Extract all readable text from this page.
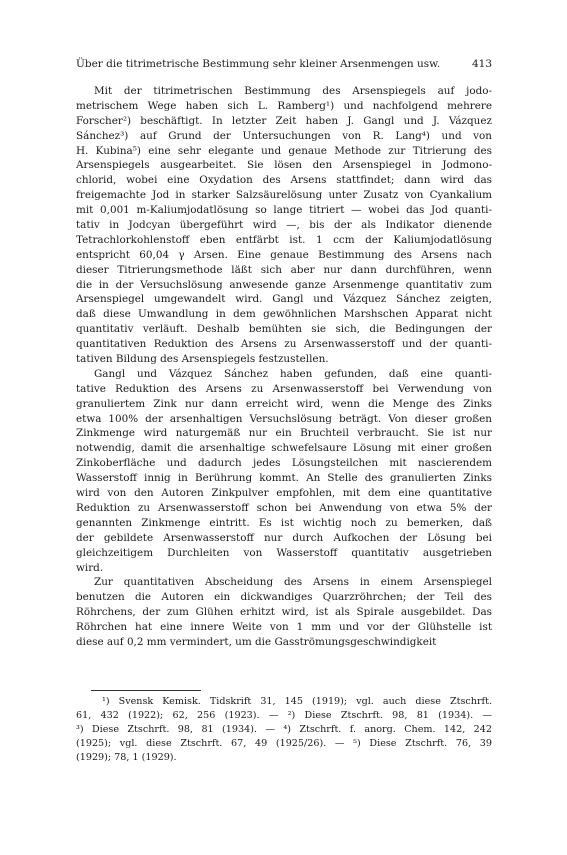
Über die titrimetrische Bestimmung sehr kleiner Arsenmengen usw.	413
Mit der titrimetrischen Bestimmung des Arsenspiegels auf jodo-
metrischem Wege haben sich L. Ramberg¹) und nachfolgend mehrere
Forscher²) beschäftigt. In letzter Zeit haben J. Gangl und J. Vázquez
Sánchez³) auf Grund der Untersuchungen von R. Lang⁴) und von
H. Kubina⁵) eine sehr elegante und genaue Methode zur Titrierung des
Arsenspiegels ausgearbeitet. Sie lösen den Arsenspiegel in Jodmono-
chlorid, wobei eine Oxydation des Arsens stattfindet; dann wird das
freigemachte Jod in starker Salzsäurelösung unter Zusatz von Cyankalium
mit 0,001 m-Kaliumjodatlösung so lange titriert — wobei das Jod quanti-
tativ in Jodcyan übergeführt wird —, bis der als Indikator dienende
Tetrachlorkohlenstoff eben entfärbt ist. 1 ccm der Kaliumjodatlösung
entspricht 60,04 γ Arsen. Eine genaue Bestimmung des Arsens nach
dieser Titrierungsmethode läßt sich aber nur dann durchführen, wenn
die in der Versuchslösung anwesende ganze Arsenmenge quantitativ zum
Arsenspiegel umgewandelt wird. Gangl und Vázquez Sánchez zeigten,
daß diese Umwandlung in dem gewöhnlichen Marshschen Apparat nicht
quantitativ verläuft. Deshalb bemühten sie sich, die Bedingungen der
quantitativen Reduktion des Arsens zu Arsenwasserstoff und der quanti-
tativen Bildung des Arsenspiegels festzustellen.
Gangl und Vázquez Sánchez haben gefunden, daß eine quanti-
tative Reduktion des Arsens zu Arsenwasserstoff bei Verwendung von
granuliertem Zink nur dann erreicht wird, wenn die Menge des Zinks
etwa 100% der arsenhaltigen Versuchslösung beträgt. Von dieser großen
Zinkmenge wird naturgemäß nur ein Bruchteil verbraucht. Sie ist nur
notwendig, damit die arsenhaltige schwefelsaure Lösung mit einer großen
Zinkoberfläche und dadurch jedes Lösungsteilchen mit nascierendem
Wasserstoff innig in Berührung kommt. An Stelle des granulierten Zinks
wird von den Autoren Zinkpulver empfohlen, mit dem eine quantitative
Reduktion zu Arsenwasserstoff schon bei Anwendung von etwa 5% der
genannten Zinkmenge eintritt. Es ist wichtig noch zu bemerken, daß
der gebildete Arsenwasserstoff nur durch Aufkochen der Lösung bei
gleichzeitigem Durchleiten von Wasserstoff quantitativ ausgetrieben
wird.
Zur quantitativen Abscheidung des Arsens in einem Arsenspiegel
benutzen die Autoren ein dickwandiges Quarzröhrchen; der Teil des
Röhrchens, der zum Glühen erhitzt wird, ist als Spirale ausgebildet. Das
Röhrchen hat eine innere Weite von 1 mm und vor der Glühstelle ist
diese auf 0,2 mm vermindert, um die Gasströmungsgeschwindigkeit
¹) Svensk Kemisk. Tidskrift 31, 145 (1919); vgl. auch diese Ztschrft.
61, 432 (1922); 62, 256 (1923). — ²) Diese Ztschrft. 98, 81 (1934). —
³) Diese Ztschrft. 98, 81 (1934). — ⁴) Ztschrft. f. anorg. Chem. 142, 242
(1925); vgl. diese Ztschrft. 67, 49 (1925/26). — ⁵) Diese Ztschrft. 76, 39
(1929); 78, 1 (1929).
